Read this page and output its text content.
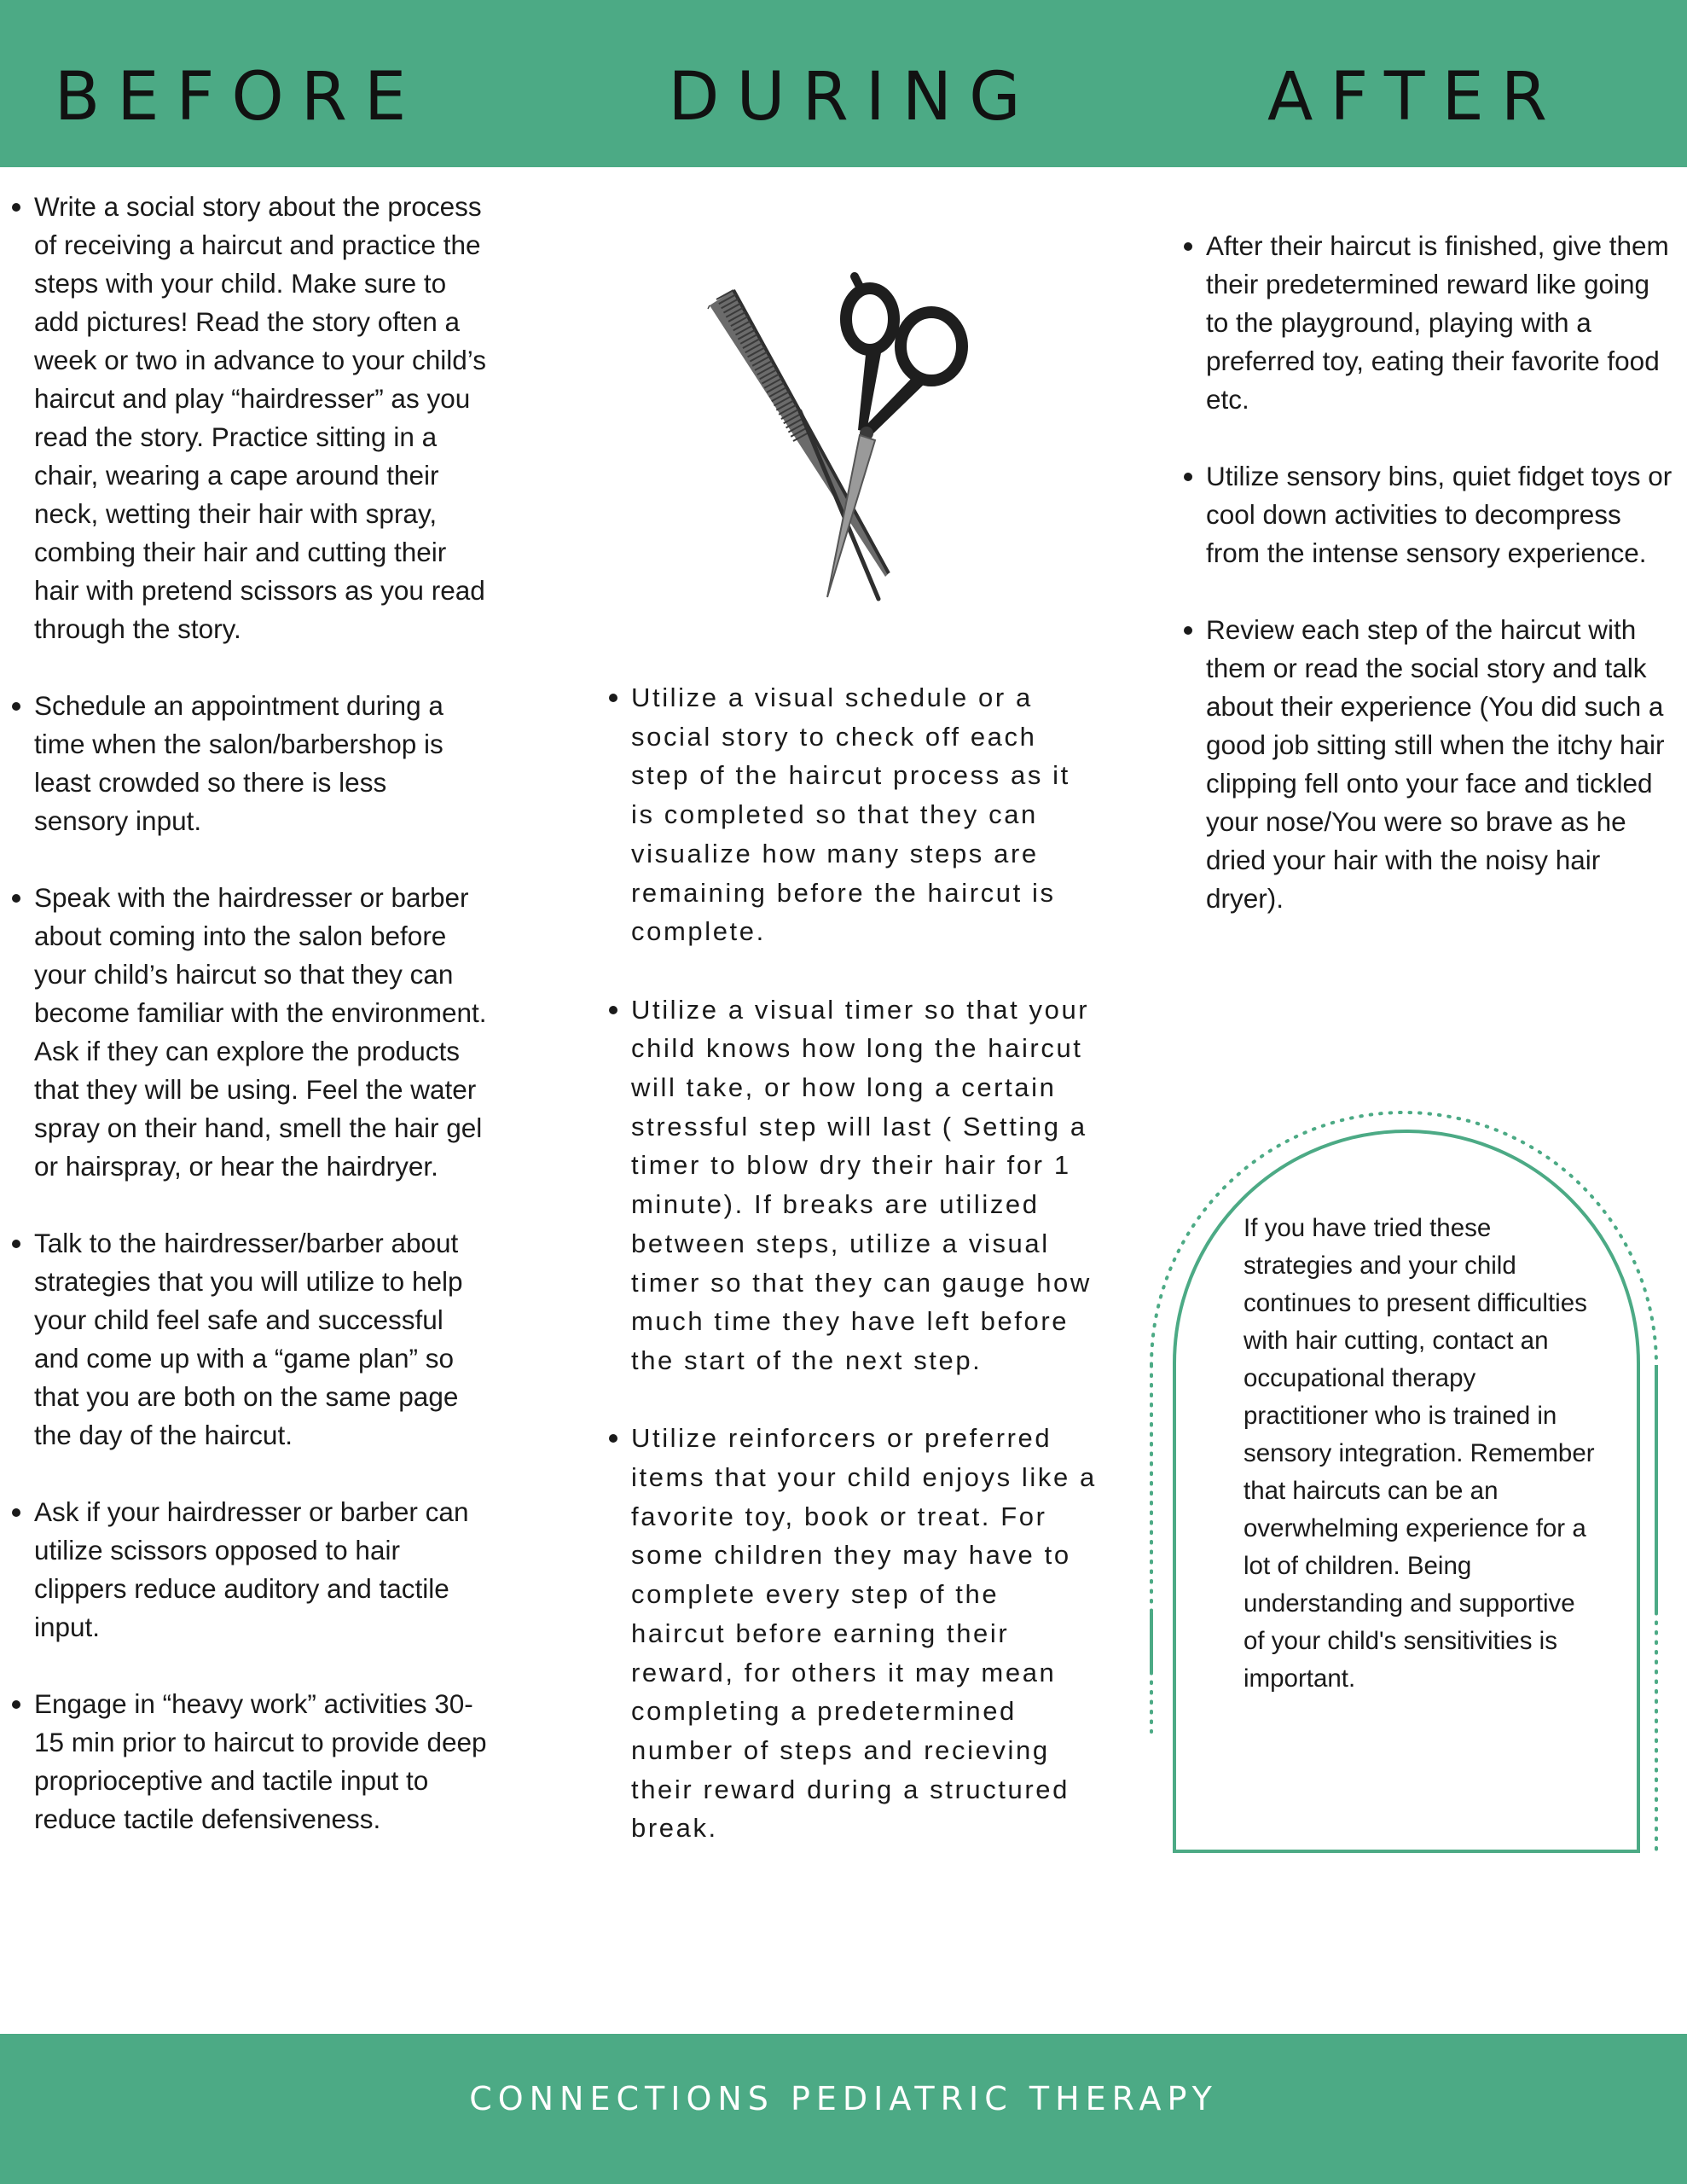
BEFORE	DURING	AFTER
Write a social story about the process of receiving a haircut and practice the steps with your child. Make sure to add pictures! Read the story often a week or two in advance to your child’s haircut and play “hairdresser” as you read the story. Practice sitting in a chair, wearing a cape around their neck, wetting their hair with spray, combing their hair and cutting their hair with pretend scissors as you read through the story.
Schedule an appointment during a time when the salon/barbershop is least crowded so there is less sensory input.
Speak with the hairdresser or barber about coming into the salon before your child’s haircut so that they can become familiar with the environment. Ask if they can explore the products that they will be using. Feel the water spray on their hand, smell the hair gel or hairspray, or hear the hairdryer.
Talk to the hairdresser/barber about strategies that you will utilize to help your child feel safe and successful and come up with a “game plan” so that you are both on the same page the day of the haircut.
Ask if your hairdresser or barber can utilize scissors opposed to hair clippers reduce auditory and tactile input.
Engage in “heavy work” activities 30-15 min prior to haircut to provide deep proprioceptive and tactile input to reduce tactile defensiveness.
Utilize a visual schedule or a social story to check off each step of the haircut process as it is completed so that they can visualize how many steps are remaining before the haircut is complete.
Utilize a visual timer so that your child knows how long the haircut will take, or how long a certain stressful step will last ( Setting a timer to blow dry their hair for 1 minute). If breaks are utilized between steps, utilize a visual timer so that they can gauge how much time they have left before the start of the next step.
Utilize reinforcers or preferred items that your child enjoys like a favorite toy, book or treat. For some children they may have to complete every step of the haircut before earning their reward, for others it may mean completing a predetermined number of steps and recieving their reward during a structured break.
After their haircut is finished, give them their predetermined reward like going to the playground, playing with a preferred toy, eating their favorite food etc.
Utilize sensory bins, quiet fidget toys or cool down activities to decompress from the intense sensory experience.
Review each step of the haircut with them or read the social story and talk about their experience (You did such a good job sitting still when the itchy hair clipping fell onto your face and tickled your nose/You were so brave as he dried your hair with the noisy hair dryer).

If you have tried these strategies and your child continues to present difficulties with hair cutting, contact an occupational therapy practitioner who is trained in sensory integration. Remember that haircuts can be an overwhelming experience for a lot of children. Being understanding and supportive of your child's sensitivities is important.

CONNECTIONS PEDIATRIC THERAPY
